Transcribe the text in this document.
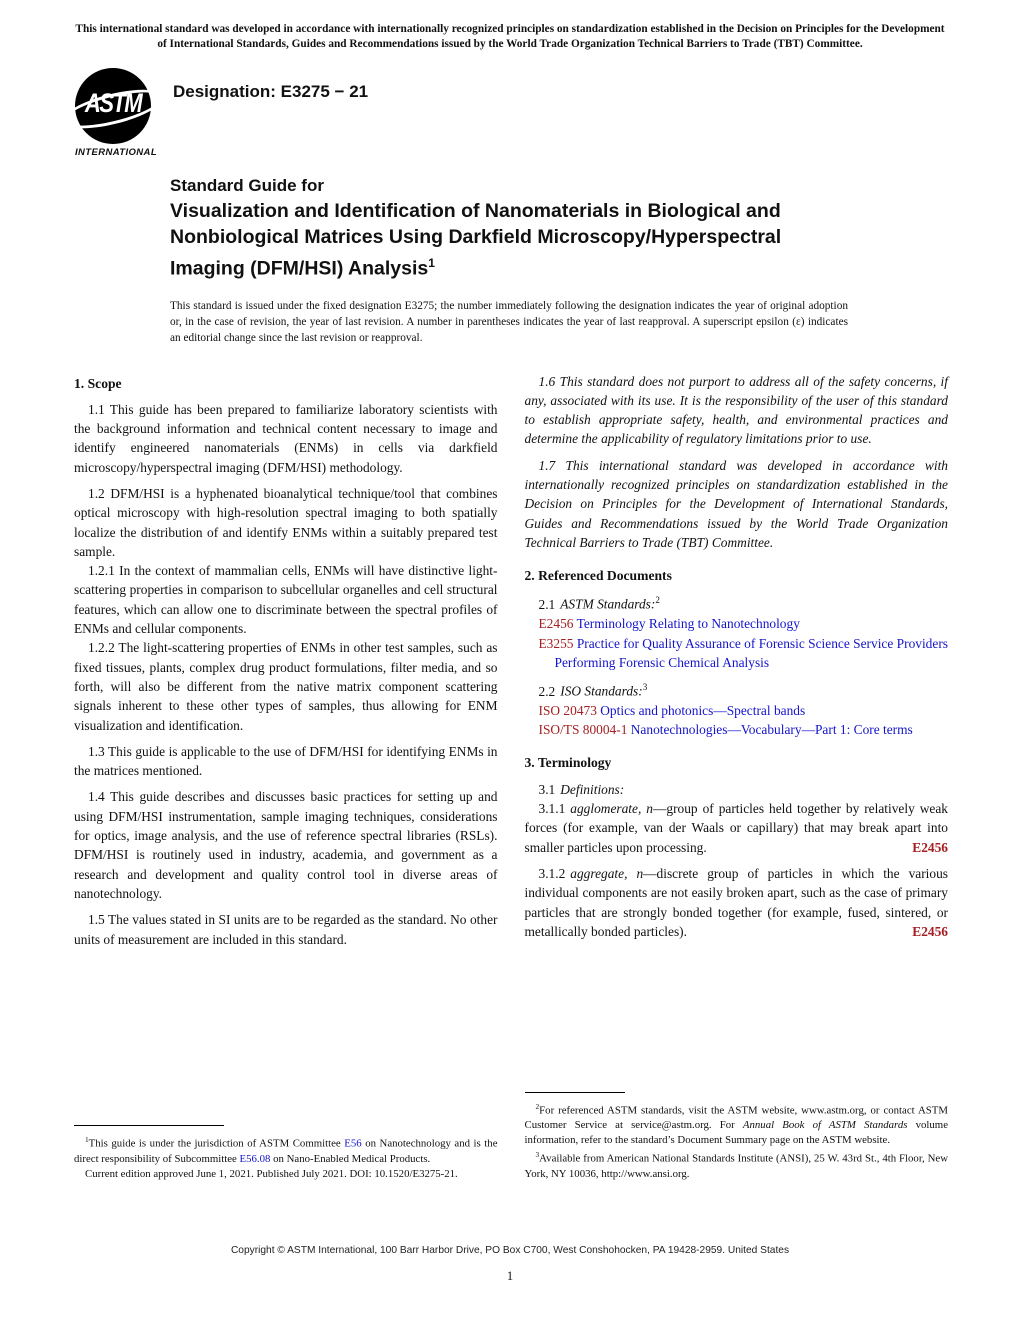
This international standard was developed in accordance with internationally recognized principles on standardization established in the Decision on Principles for the Development of International Standards, Guides and Recommendations issued by the World Trade Organization Technical Barriers to Trade (TBT) Committee.
ASTM
INTERNATIONAL
Designation: E3275 − 21
Standard Guide for
Visualization and Identification of Nanomaterials in Biological and Nonbiological Matrices Using Darkfield Microscopy/Hyperspectral Imaging (DFM/HSI) Analysis$^1$
This standard is issued under the fixed designation E3275; the number immediately following the designation indicates the year of original adoption or, in the case of revision, the year of last revision. A number in parentheses indicates the year of last reapproval. A superscript epsilon (ε) indicates an editorial change since the last revision or reapproval.
1. Scope
1.1 This guide has been prepared to familiarize laboratory scientists with the background information and technical content necessary to image and identify engineered nanomaterials (ENMs) in cells via darkfield microscopy/hyperspectral imaging (DFM/HSI) methodology.
1.2 DFM/HSI is a hyphenated bioanalytical technique/tool that combines optical microscopy with high-resolution spectral imaging to both spatially localize the distribution of and identify ENMs within a suitably prepared test sample.
1.2.1 In the context of mammalian cells, ENMs will have distinctive light-scattering properties in comparison to subcellular organelles and cell structural features, which can allow one to discriminate between the spectral profiles of ENMs and cellular components.
1.2.2 The light-scattering properties of ENMs in other test samples, such as fixed tissues, plants, complex drug product formulations, filter media, and so forth, will also be different from the native matrix component scattering signals inherent to these other types of samples, thus allowing for ENM visualization and identification.
1.3 This guide is applicable to the use of DFM/HSI for identifying ENMs in the matrices mentioned.
1.4 This guide describes and discusses basic practices for setting up and using DFM/HSI instrumentation, sample imaging techniques, considerations for optics, image analysis, and the use of reference spectral libraries (RSLs). DFM/HSI is routinely used in industry, academia, and government as a research and development and quality control tool in diverse areas of nanotechnology.
1.5 The values stated in SI units are to be regarded as the standard. No other units of measurement are included in this standard.
$^1$This guide is under the jurisdiction of ASTM Committee E56 on Nanotechnology and is the direct responsibility of Subcommittee E56.08 on Nano-Enabled Medical Products.
Current edition approved June 1, 2021. Published July 2021. DOI: 10.1520/E3275-21.
1.6 This standard does not purport to address all of the safety concerns, if any, associated with its use. It is the responsibility of the user of this standard to establish appropriate safety, health, and environmental practices and determine the applicability of regulatory limitations prior to use.
1.7 This international standard was developed in accordance with internationally recognized principles on standardization established in the Decision on Principles for the Development of International Standards, Guides and Recommendations issued by the World Trade Organization Technical Barriers to Trade (TBT) Committee.
2. Referenced Documents
2.1 ASTM Standards:$^2$
E2456 Terminology Relating to Nanotechnology
E3255 Practice for Quality Assurance of Forensic Science Service Providers Performing Forensic Chemical Analysis
2.2 ISO Standards:$^3$
ISO 20473 Optics and photonics—Spectral bands
ISO/TS 80004-1 Nanotechnologies—Vocabulary—Part 1: Core terms
3. Terminology
3.1 Definitions:
3.1.1 agglomerate, n—group of particles held together by relatively weak forces (for example, van der Waals or capillary) that may break apart into smaller particles upon processing.	E2456
3.1.2 aggregate, n—discrete group of particles in which the various individual components are not easily broken apart, such as the case of primary particles that are strongly bonded together (for example, fused, sintered, or metallically bonded particles).	E2456
$^2$For referenced ASTM standards, visit the ASTM website, www.astm.org, or contact ASTM Customer Service at service@astm.org. For Annual Book of ASTM Standards volume information, refer to the standard’s Document Summary page on the ASTM website.
$^3$Available from American National Standards Institute (ANSI), 25 W. 43rd St., 4th Floor, New York, NY 10036, http://www.ansi.org.
Copyright © ASTM International, 100 Barr Harbor Drive, PO Box C700, West Conshohocken, PA 19428-2959. United States
1
